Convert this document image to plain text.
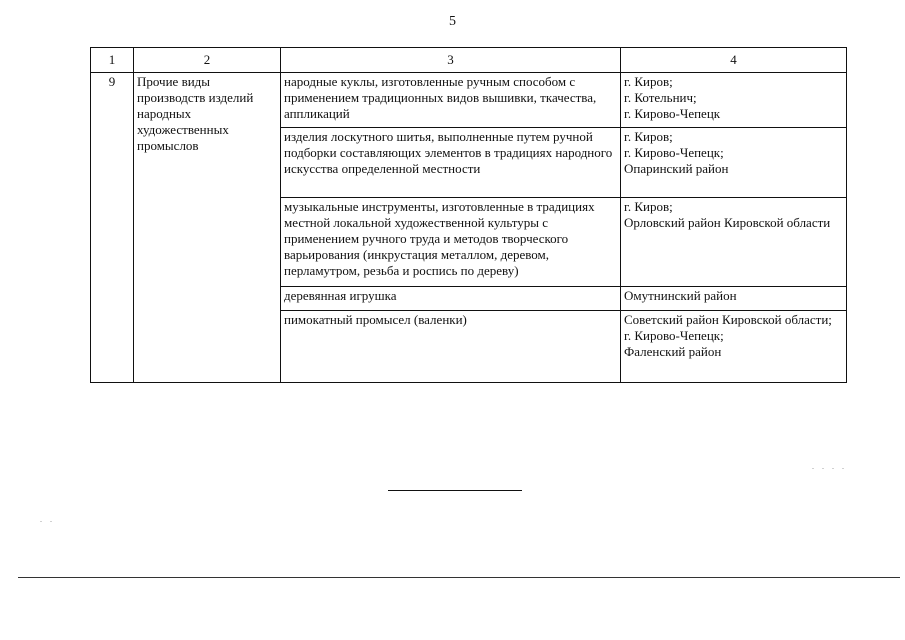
5
1	2	3	4
9	Прочие виды производств изделий народных художественных промыслов	народные куклы, изготовленные ручным способом с применением традиционных видов вышивки, ткачества, аппликаций	г. Киров;
г. Котельнич;
г. Кирово-Чепецк
		изделия лоскутного шитья, выполненные путем ручной подборки составляющих элементов в традициях народного искусства определенной местности	г. Киров;
г. Кирово-Чепецк;
Опаринский район
		музыкальные инструменты, изготовленные в традициях местной локальной художественной культуры с применением ручного труда и методов творческого варьирования (инкрустация металлом, деревом, перламутром, резьба и роспись по дереву)	г. Киров;
Орловский район Кировской области
		деревянная игрушка	Омутнинский район
		пимокатный промысел (валенки)	Советский район Кировской области;
г. Кирово-Чепецк;
Фаленский район
. . . .
. .
